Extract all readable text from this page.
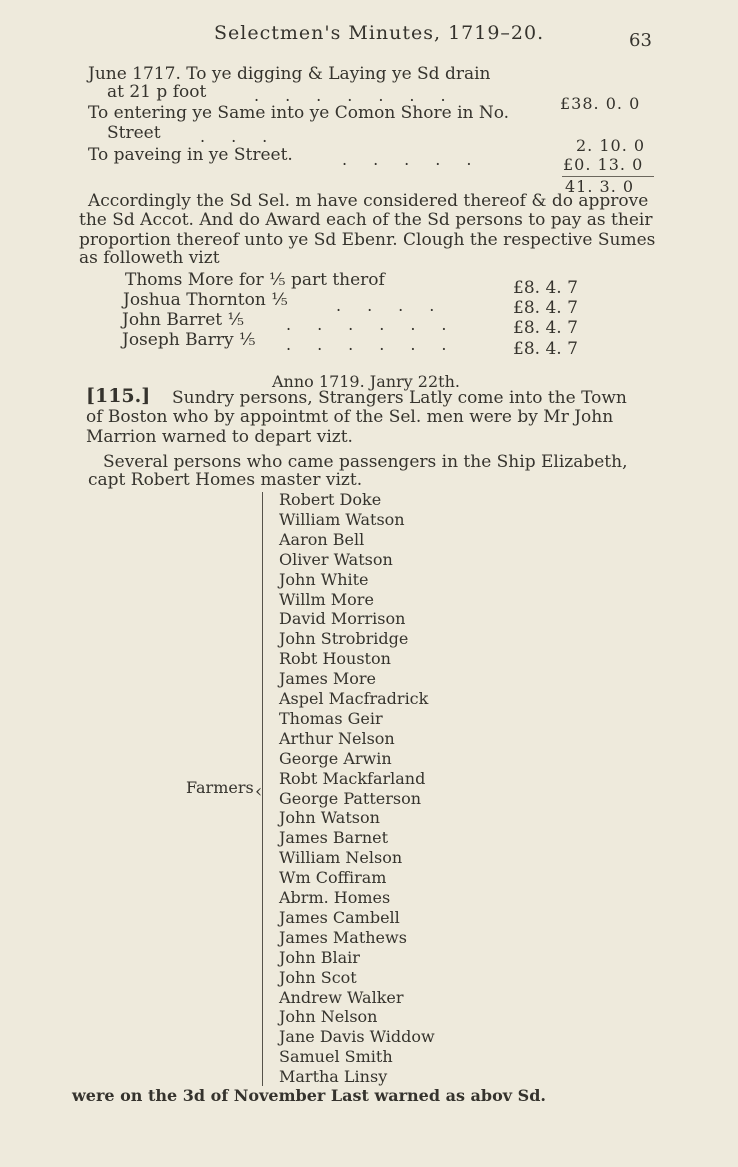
Selectmen's Minutes, 1719–20.	63
June 1717. To ye digging & Laying ye Sd drain
at 21 p foot	.......	£38. 0. 0
To entering ye Same into ye Comon Shore in No.
Street ...	2. 10. 0
To paveing in ye Street.	.....	£0. 13. 0
41. 3. 0
Accordingly the Sd Sel. m have considered thereof & do approve
the Sd Accot. And do Award each of the Sd persons to pay as their
proportion thereof unto ye Sd Ebenr. Clough the respective Sumes
as followeth vizt
Thoms More for ⅕ part therof	£8. 4. 7
Joshua Thornton ⅕	....	£8. 4. 7
John Barret ⅕	...... £8. 4. 7
Joseph Barry ⅕ ...... £8. 4. 7
Anno 1719. Janry 22th.
[115.] Sundry persons, Strangers Latly come into the Town
of Boston who by appointmt of the Sel. men were by Mr John
Marrion warned to depart vizt.
Several persons who came passengers in the Ship Elizabeth,
capt Robert Homes master vizt.
‹
Farmers
Robert Doke
William Watson
Aaron Bell
Oliver Watson
John White
Willm More
David Morrison
John Strobridge
Robt Houston
James More
Aspel Macfradrick
Thomas Geir
Arthur Nelson
George Arwin
Robt Mackfarland
George Patterson
John Watson
James Barnet
William Nelson
Wm Coffiram
Abrm. Homes
James Cambell
James Mathews
John Blair
John Scot
Andrew Walker
John Nelson
Jane Davis Widdow
Samuel Smith
Martha Linsy
were on the 3d of November Last warned as abov Sd.
